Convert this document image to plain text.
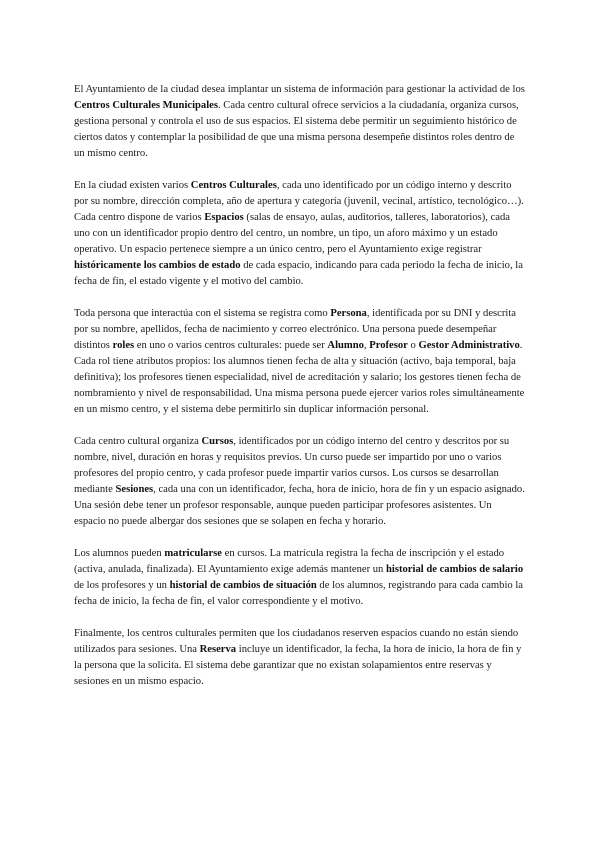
El Ayuntamiento de la ciudad desea implantar un sistema de información para gestionar la actividad de los Centros Culturales Municipales. Cada centro cultural ofrece servicios a la ciudadanía, organiza cursos, gestiona personal y controla el uso de sus espacios. El sistema debe permitir un seguimiento histórico de ciertos datos y contemplar la posibilidad de que una misma persona desempeñe distintos roles dentro de un mismo centro.

En la ciudad existen varios Centros Culturales, cada uno identificado por un código interno y descrito por su nombre, dirección completa, año de apertura y categoría (juvenil, vecinal, artístico, tecnológico…). Cada centro dispone de varios Espacios (salas de ensayo, aulas, auditorios, talleres, laboratorios), cada uno con un identificador propio dentro del centro, un nombre, un tipo, un aforo máximo y un estado operativo. Un espacio pertenece siempre a un único centro, pero el Ayuntamiento exige registrar históricamente los cambios de estado de cada espacio, indicando para cada periodo la fecha de inicio, la fecha de fin, el estado vigente y el motivo del cambio.

Toda persona que interactúa con el sistema se registra como Persona, identificada por su DNI y descrita por su nombre, apellidos, fecha de nacimiento y correo electrónico. Una persona puede desempeñar distintos roles en uno o varios centros culturales: puede ser Alumno, Profesor o Gestor Administrativo. Cada rol tiene atributos propios: los alumnos tienen fecha de alta y situación (activo, baja temporal, baja definitiva); los profesores tienen especialidad, nivel de acreditación y salario; los gestores tienen fecha de nombramiento y nivel de responsabilidad. Una misma persona puede ejercer varios roles simultáneamente en un mismo centro, y el sistema debe permitirlo sin duplicar información personal.

Cada centro cultural organiza Cursos, identificados por un código interno del centro y descritos por su nombre, nivel, duración en horas y requisitos previos. Un curso puede ser impartido por uno o varios profesores del propio centro, y cada profesor puede impartir varios cursos. Los cursos se desarrollan mediante Sesiones, cada una con un identificador, fecha, hora de inicio, hora de fin y un espacio asignado. Una sesión debe tener un profesor responsable, aunque pueden participar profesores asistentes. Un espacio no puede albergar dos sesiones que se solapen en fecha y horario.

Los alumnos pueden matricularse en cursos. La matrícula registra la fecha de inscripción y el estado (activa, anulada, finalizada). El Ayuntamiento exige además mantener un historial de cambios de salario de los profesores y un historial de cambios de situación de los alumnos, registrando para cada cambio la fecha de inicio, la fecha de fin, el valor correspondiente y el motivo.

Finalmente, los centros culturales permiten que los ciudadanos reserven espacios cuando no están siendo utilizados para sesiones. Una Reserva incluye un identificador, la fecha, la hora de inicio, la hora de fin y la persona que la solicita. El sistema debe garantizar que no existan solapamientos entre reservas y sesiones en un mismo espacio.
